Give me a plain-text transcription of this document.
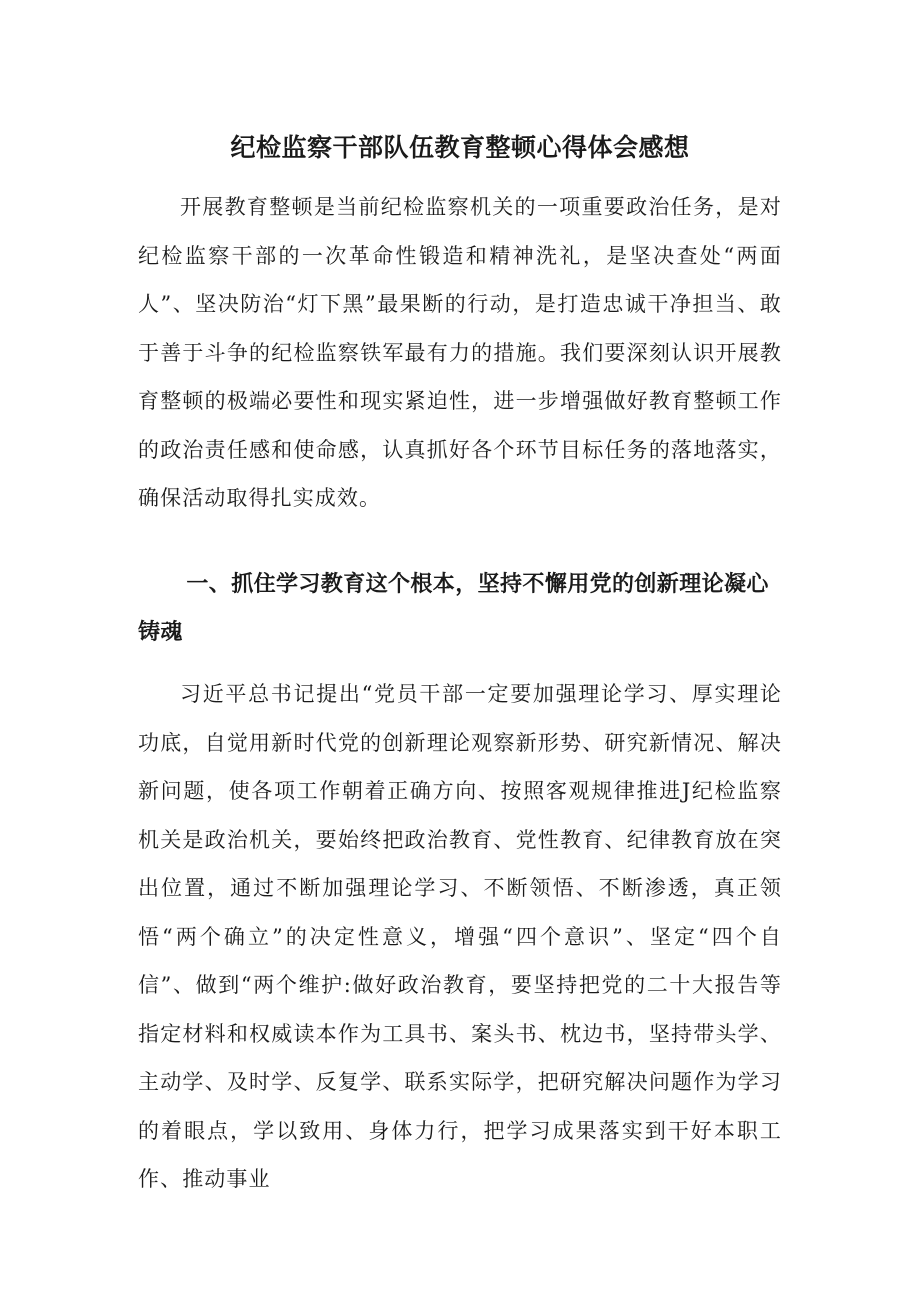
纪检监察干部队伍教育整顿心得体会感想

开展教育整顿是当前纪检监察机关的一项重要政治任务，是对纪检监察干部的一次革命性锻造和精神洗礼，是坚决查处“两面人”、坚决防治“灯下黑”最果断的行动，是打造忠诚干净担当、敢于善于斗争的纪检监察铁军最有力的措施。我们要深刻认识开展教育整顿的极端必要性和现实紧迫性，进一步增强做好教育整顿工作的政治责任感和使命感，认真抓好各个环节目标任务的落地落实，确保活动取得扎实成效。

一、抓住学习教育这个根本，坚持不懈用党的创新理论凝心铸魂

习近平总书记提出“党员干部一定要加强理论学习、厚实理论功底，自觉用新时代党的创新理论观察新形势、研究新情况、解决新问题，使各项工作朝着正确方向、按照客观规律推进J纪检监察机关是政治机关，要始终把政治教育、党性教育、纪律教育放在突出位置，通过不断加强理论学习、不断领悟、不断渗透，真正领悟“两个确立”的决定性意义，增强“四个意识”、坚定“四个自信”、做到“两个维护:做好政治教育，要坚持把党的二十大报告等指定材料和权威读本作为工具书、案头书、枕边书，坚持带头学、主动学、及时学、反复学、联系实际学，把研究解决问题作为学习的着眼点，学以致用、身体力行，把学习成果落实到干好本职工作、推动事业
